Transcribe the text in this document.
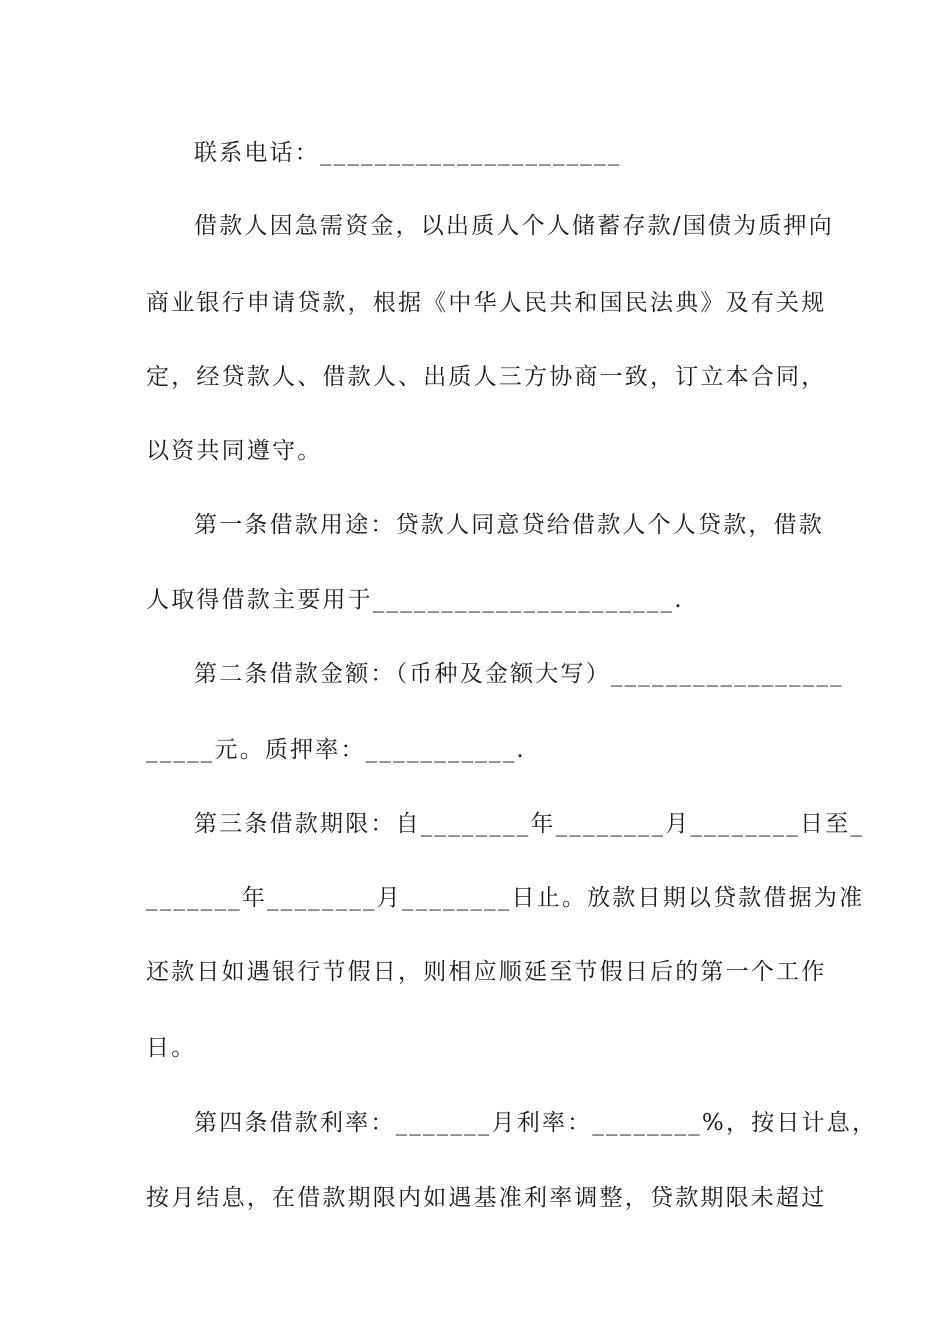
联系电话：______________________
借款人因急需资金，以出质人个人储蓄存款/国债为质押向
商业银行申请贷款，根据《中华人民共和国民法典》及有关规
定，经贷款人、借款人、出质人三方协商一致，订立本合同，
以资共同遵守。
第一条借款用途：贷款人同意贷给借款人个人贷款，借款
人取得借款主要用于______________________.
第二条借款金额：（币种及金额大写）_________________
_____元。质押率：___________.
第三条借款期限：自________年________月________日至_
_______年________月________日止。放款日期以贷款借据为准
还款日如遇银行节假日，则相应顺延至节假日后的第一个工作
日。
第四条借款利率：_______月利率：________%，按日计息，
按月结息，在借款期限内如遇基准利率调整，贷款期限未超过
